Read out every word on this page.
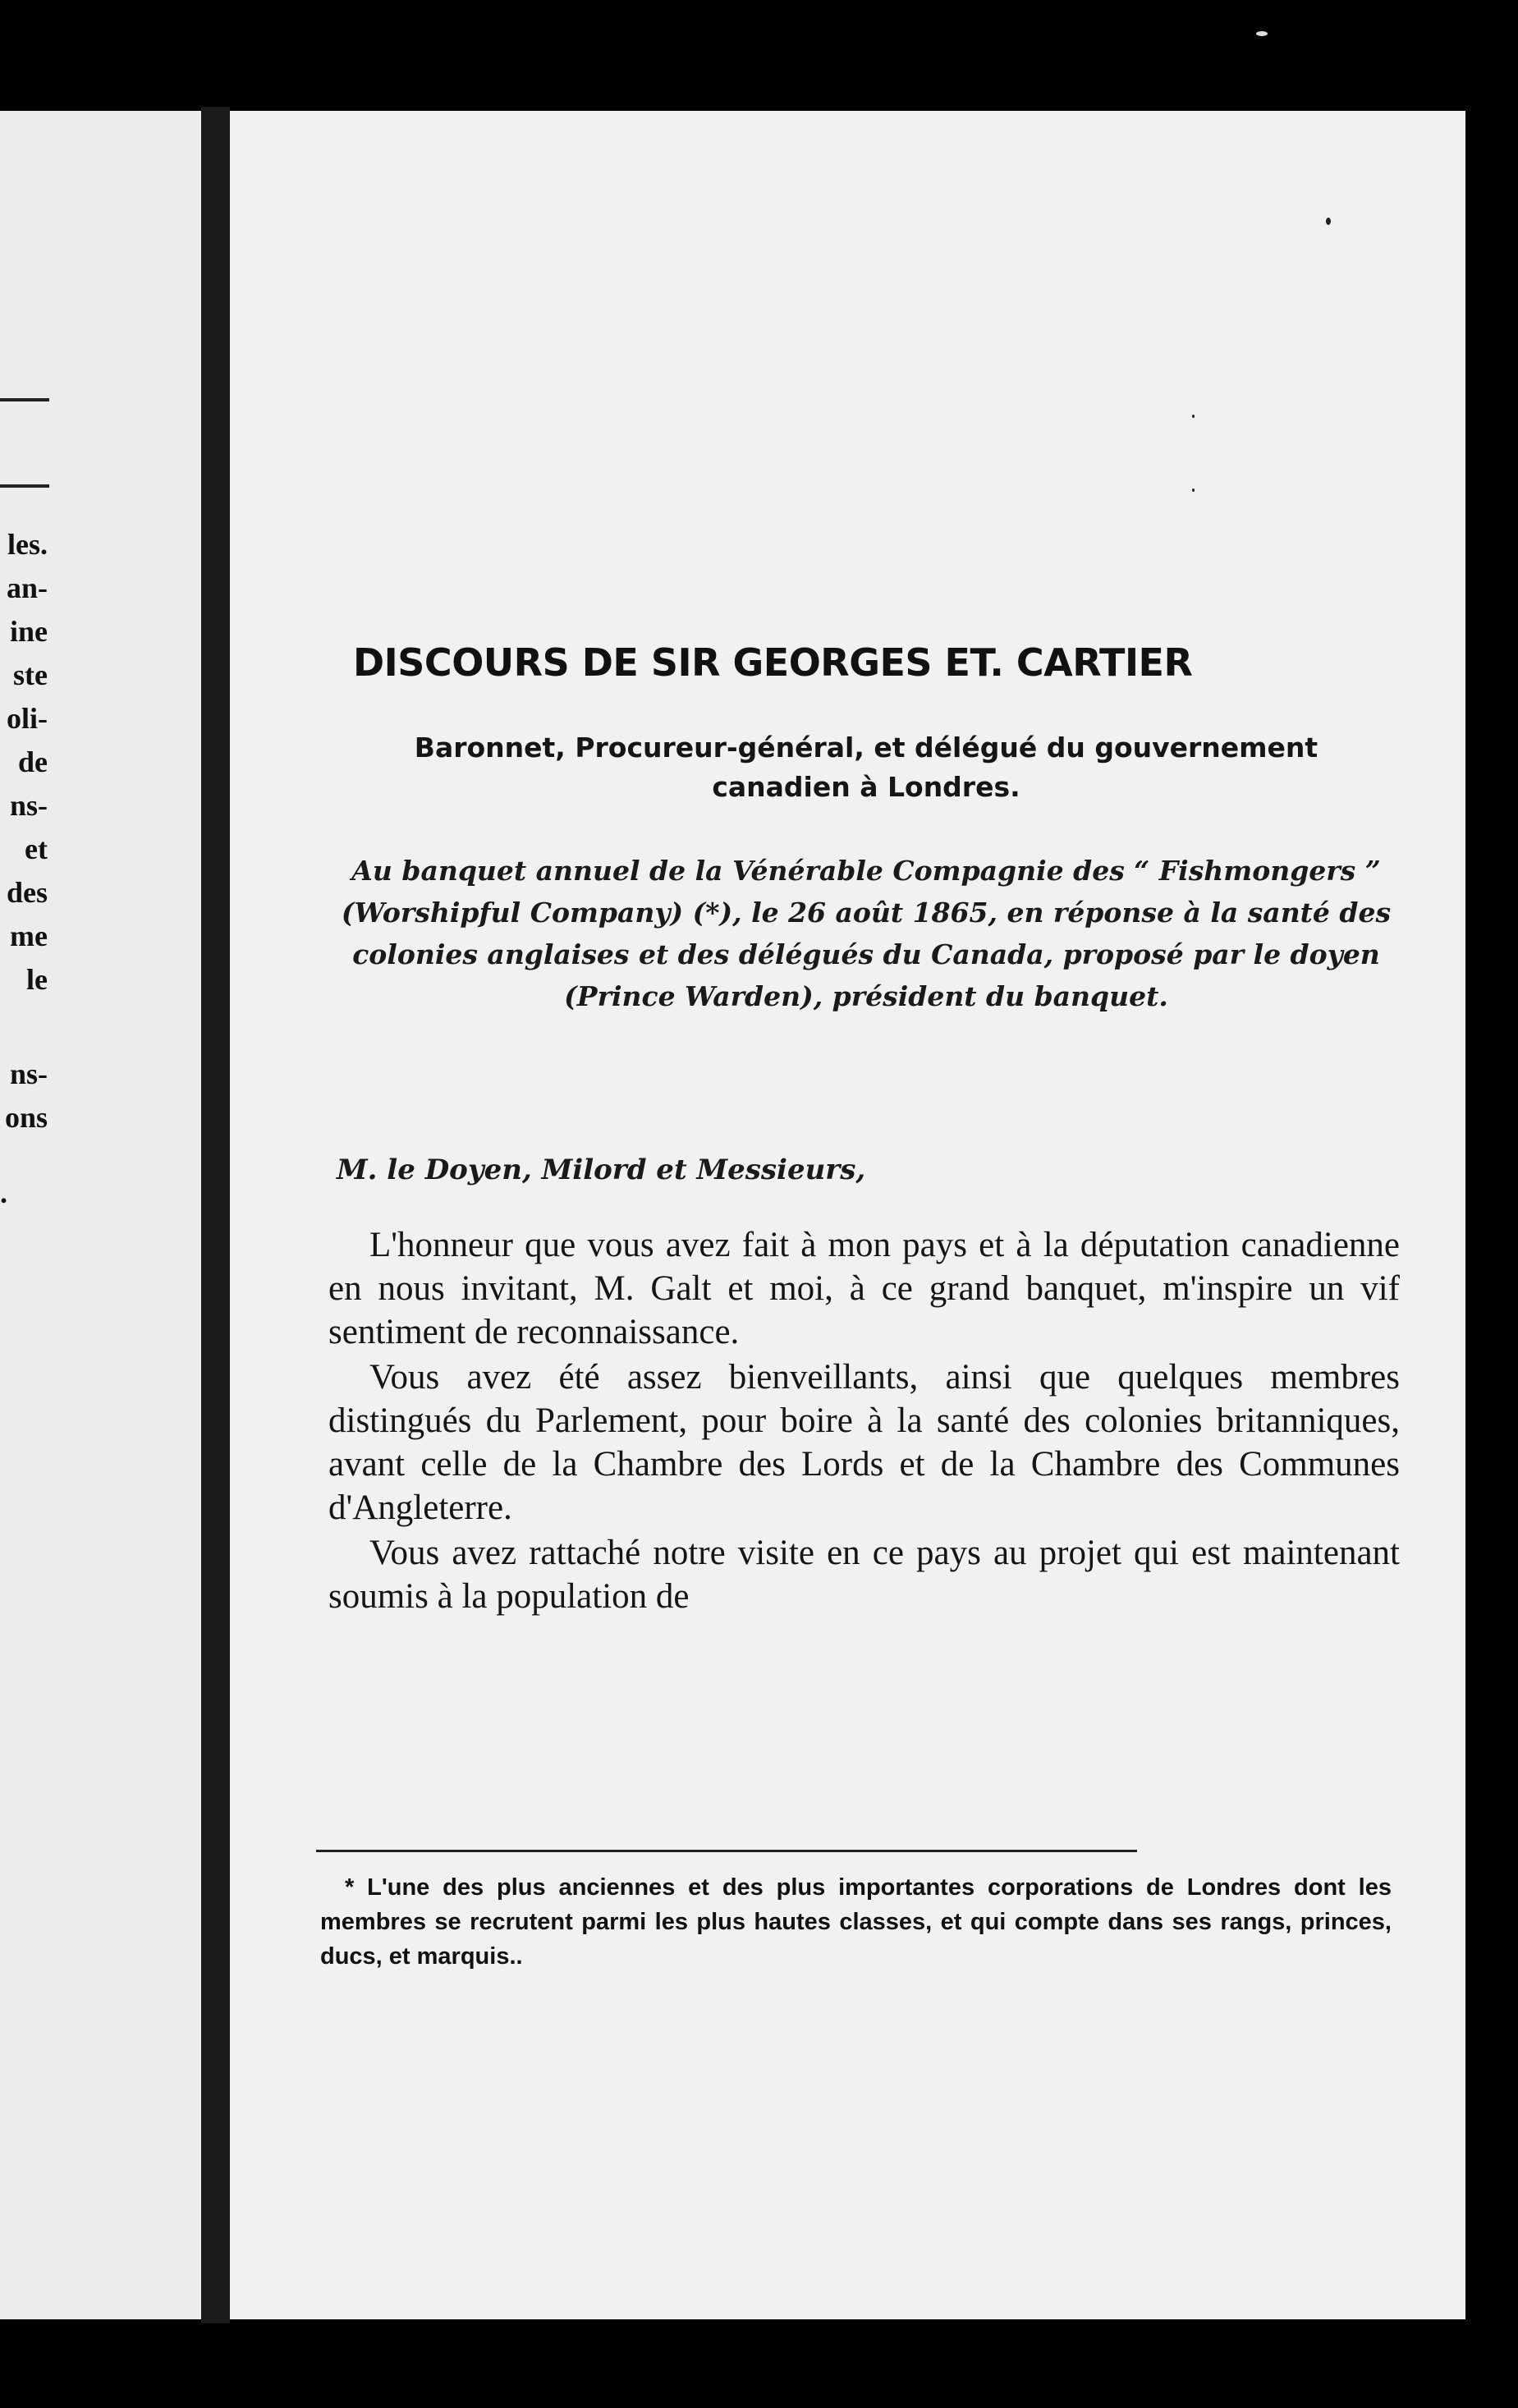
les.
an-
ine
ste
oli-
de
ns-
et
des
me
le
ns-
ons
.
DISCOURS DE SIR GEORGES ET. CARTIER
Baronnet, Procureur-général, et délégué du gouvernement canadien à Londres.
Au banquet annuel de la Vénérable Compagnie des “ Fishmongers ” (Worshipful Company) (*), le 26 août 1865, en réponse à la santé des colonies anglaises et des délégués du Canada, proposé par le doyen (Prince Warden), président du banquet.
M. le Doyen, Milord et Messieurs,

L'honneur que vous avez fait à mon pays et à la députation canadienne en nous invitant, M. Galt et moi, à ce grand banquet, m'inspire un vif sentiment de reconnaissance.

Vous avez été assez bienveillants, ainsi que quelques membres distingués du Parlement, pour boire à la santé des colonies britanniques, avant celle de la Chambre des Lords et de la Chambre des Communes d'Angleterre.

Vous avez rattaché notre visite en ce pays au projet qui est maintenant soumis à la population de

* L'une des plus anciennes et des plus importantes corporations de Londres dont les membres se recrutent parmi les plus hautes classes, et qui compte dans ses rangs, princes, ducs, et marquis..
